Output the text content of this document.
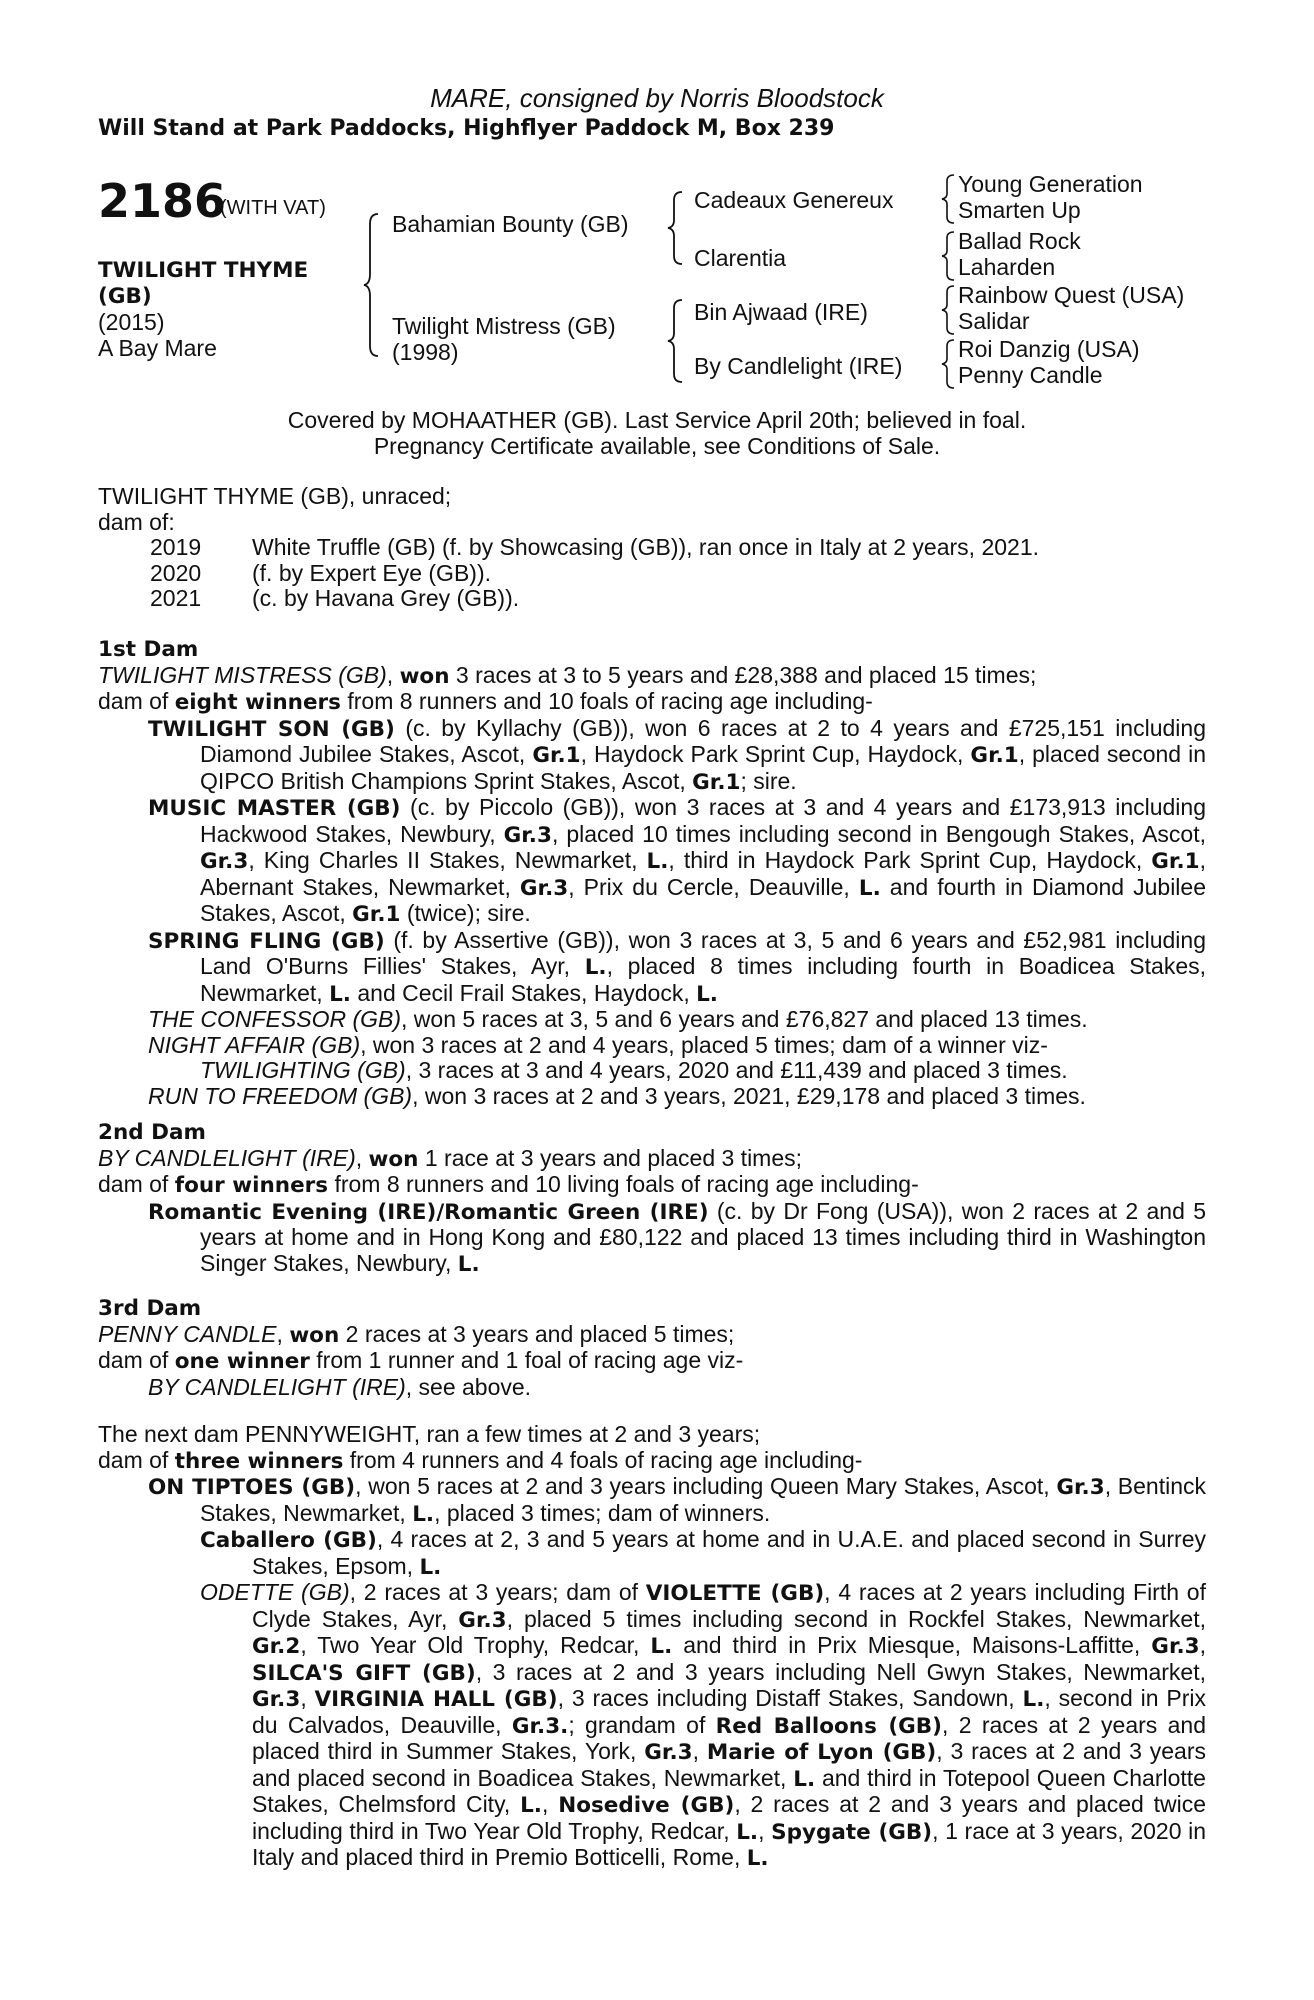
MARE, consigned by Norris Bloodstock
Will Stand at Park Paddocks, Highflyer Paddock M, Box 239
2186
(WITH VAT)
TWILIGHT THYME
(GB)
(2015)
A Bay Mare
Bahamian Bounty (GB)
Twilight Mistress (GB)
(1998)
Cadeaux Genereux
Clarentia
Bin Ajwaad (IRE)
By Candlelight (IRE)
Young Generation
Smarten Up
Ballad Rock
Laharden
Rainbow Quest (USA)
Salidar
Roi Danzig (USA)
Penny Candle
Covered by MOHAATHER (GB). Last Service April 20th; believed in foal.
Pregnancy Certificate available, see Conditions of Sale.

TWILIGHT THYME (GB), unraced;

dam of:

2019	White Truffle (GB) (f. by Showcasing (GB)), ran once in Italy at 2 years, 2021.
2020	(f. by Expert Eye (GB)).
2021	(c. by Havana Grey (GB)).

1st Dam

TWILIGHT MISTRESS (GB), won 3 races at 3 to 5 years and £28,388 and placed 15 times;

dam of eight winners from 8 runners and 10 foals of racing age including-

TWILIGHT SON (GB) (c. by Kyllachy (GB)), won 6 races at 2 to 4 years and £725,151 including Diamond Jubilee Stakes, Ascot, Gr.1, Haydock Park Sprint Cup, Haydock, Gr.1, placed second in QIPCO British Champions Sprint Stakes, Ascot, Gr.1; sire.

MUSIC MASTER (GB) (c. by Piccolo (GB)), won 3 races at 3 and 4 years and £173,913 including Hackwood Stakes, Newbury, Gr.3, placed 10 times including second in Bengough Stakes, Ascot, Gr.3, King Charles II Stakes, Newmarket, L., third in Haydock Park Sprint Cup, Haydock, Gr.1, Abernant Stakes, Newmarket, Gr.3, Prix du Cercle, Deauville, L. and fourth in Diamond Jubilee Stakes, Ascot, Gr.1 (twice); sire.

SPRING FLING (GB) (f. by Assertive (GB)), won 3 races at 3, 5 and 6 years and £52,981 including Land O'Burns Fillies' Stakes, Ayr, L., placed 8 times including fourth in Boadicea Stakes, Newmarket, L. and Cecil Frail Stakes, Haydock, L.

THE CONFESSOR (GB), won 5 races at 3, 5 and 6 years and £76,827 and placed 13 times.

NIGHT AFFAIR (GB), won 3 races at 2 and 4 years, placed 5 times; dam of a winner viz-

TWILIGHTING (GB), 3 races at 3 and 4 years, 2020 and £11,439 and placed 3 times.

RUN TO FREEDOM (GB), won 3 races at 2 and 3 years, 2021, £29,178 and placed 3 times.

2nd Dam

BY CANDLELIGHT (IRE), won 1 race at 3 years and placed 3 times;

dam of four winners from 8 runners and 10 living foals of racing age including-

Romantic Evening (IRE)/Romantic Green (IRE) (c. by Dr Fong (USA)), won 2 races at 2 and 5 years at home and in Hong Kong and £80,122 and placed 13 times including third in Washington Singer Stakes, Newbury, L.

3rd Dam

PENNY CANDLE, won 2 races at 3 years and placed 5 times;

dam of one winner from 1 runner and 1 foal of racing age viz-

BY CANDLELIGHT (IRE), see above.

The next dam PENNYWEIGHT, ran a few times at 2 and 3 years;

dam of three winners from 4 runners and 4 foals of racing age including-

ON TIPTOES (GB), won 5 races at 2 and 3 years including Queen Mary Stakes, Ascot, Gr.3, Bentinck Stakes, Newmarket, L., placed 3 times; dam of winners.

Caballero (GB), 4 races at 2, 3 and 5 years at home and in U.A.E. and placed second in Surrey Stakes, Epsom, L.

ODETTE (GB), 2 races at 3 years; dam of VIOLETTE (GB), 4 races at 2 years including Firth of Clyde Stakes, Ayr, Gr.3, placed 5 times including second in Rockfel Stakes, Newmarket, Gr.2, Two Year Old Trophy, Redcar, L. and third in Prix Miesque, Maisons-Laffitte, Gr.3, SILCA'S GIFT (GB), 3 races at 2 and 3 years including Nell Gwyn Stakes, Newmarket, Gr.3, VIRGINIA HALL (GB), 3 races including Distaff Stakes, Sandown, L., second in Prix du Calvados, Deauville, Gr.3.; grandam of Red Balloons (GB), 2 races at 2 years and placed third in Summer Stakes, York, Gr.3, Marie of Lyon (GB), 3 races at 2 and 3 years and placed second in Boadicea Stakes, Newmarket, L. and third in Totepool Queen Charlotte Stakes, Chelmsford City, L., Nosedive (GB), 2 races at 2 and 3 years and placed twice including third in Two Year Old Trophy, Redcar, L., Spygate (GB), 1 race at 3 years, 2020 in Italy and placed third in Premio Botticelli, Rome, L.
